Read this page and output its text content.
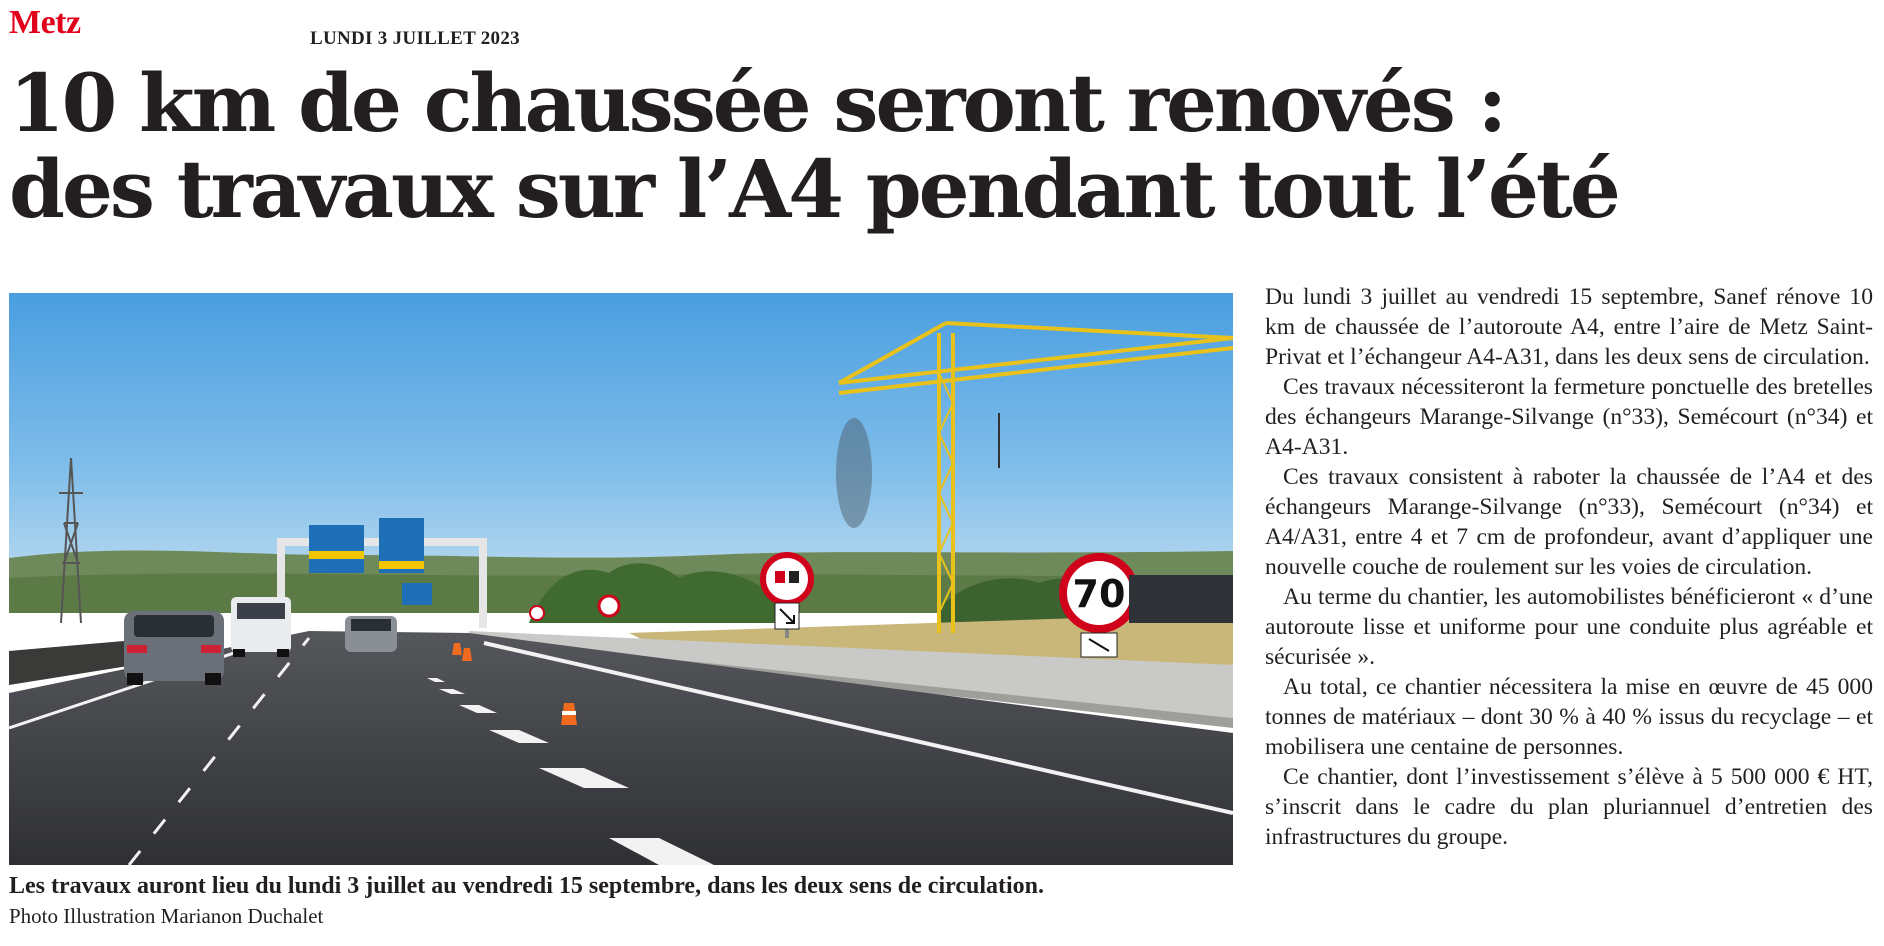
Metz	LUNDI 3 JUILLET 2023
10 km de chaussée seront renovés :
des travaux sur l’A4 pendant tout l’été
70
Les travaux auront lieu du lundi 3 juillet au vendredi 15 septembre, dans les deux sens de circulation.
Photo Illustration Marianon Duchalet

Du lundi 3 juillet au vendredi 15 septembre, Sanef rénove 10 km de chaussée de l’autoroute A4, entre l’aire de Metz Saint-Privat et l’échangeur A4-A31, dans les deux sens de circulation.

Ces travaux nécessiteront la fermeture ponctuelle des bretelles des échangeurs Marange-Silvange (n°33), Semécourt (n°34) et A4-A31.

Ces travaux consistent à raboter la chaussée de l’A4 et des échangeurs Marange-Silvange (n°33), Semécourt (n°34) et A4/A31, entre 4 et 7 cm de profondeur, avant d’appliquer une nouvelle couche de roulement sur les voies de circulation.

Au terme du chantier, les automobilistes bénéficieront « d’une autoroute lisse et uniforme pour une conduite plus agréable et sécurisée ».

Au total, ce chantier nécessitera la mise en œuvre de 45 000 tonnes de matériaux – dont 30 % à 40 % issus du recyclage – et mobilisera une centaine de personnes.

Ce chantier, dont l’investissement s’élève à 5 500 000 € HT, s’inscrit dans le cadre du plan pluriannuel d’entretien des infrastructures du groupe.
